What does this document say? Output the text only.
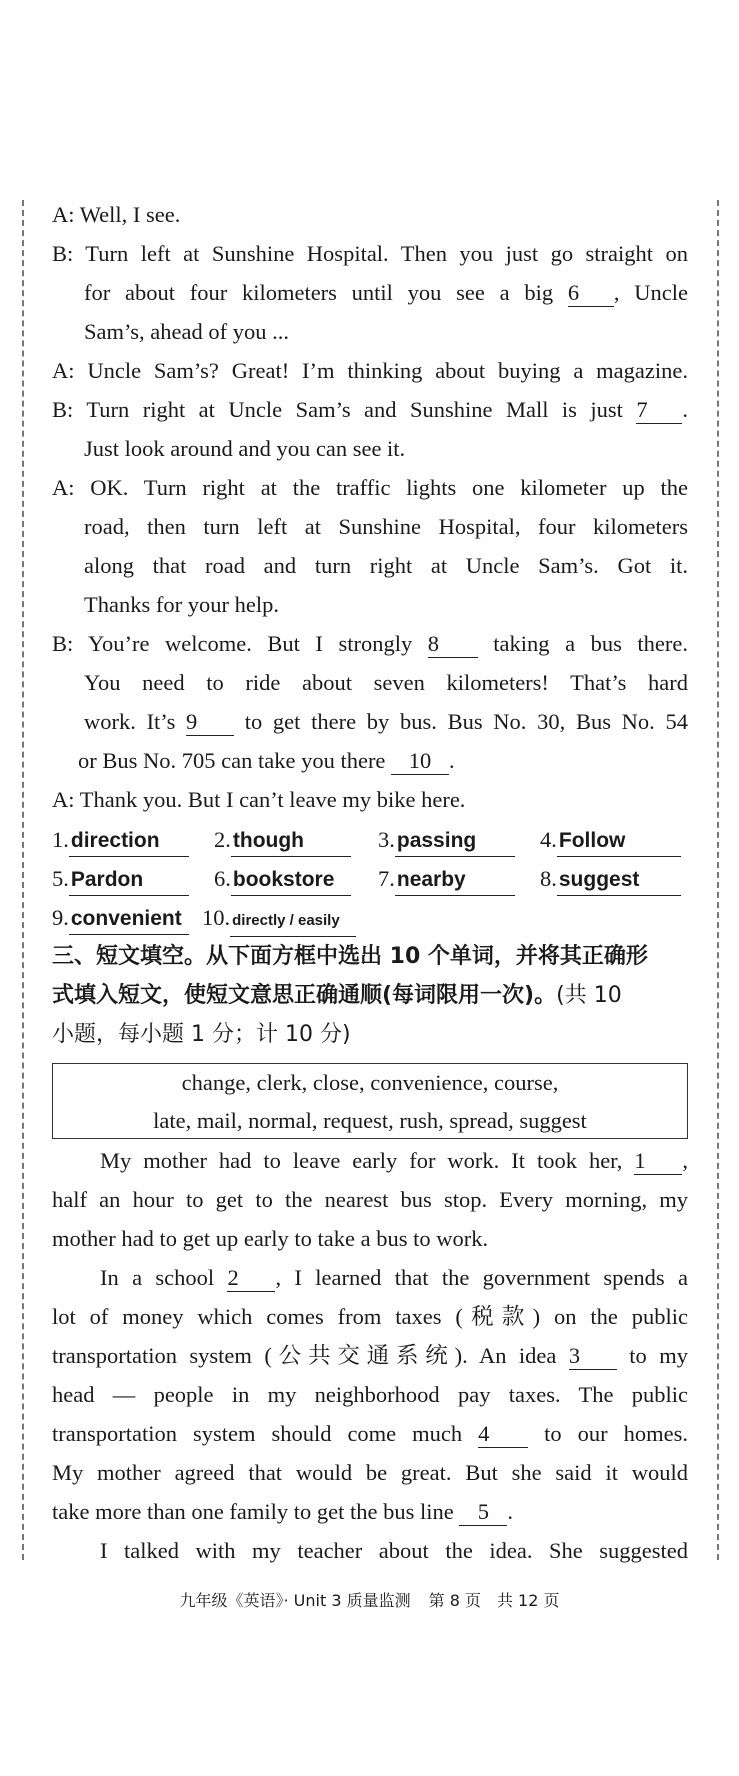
A: Well, I see.
B: Turn left at Sunshine Hospital. Then you just go straight on
for about four kilometers until you see a big 6 , Uncle
Sam’s, ahead of you ...
A: Uncle Sam’s? Great! I’m thinking about buying a magazine.
B: Turn right at Uncle Sam’s and Sunshine Mall is just 7 .
Just look around and you can see it.
A: OK. Turn right at the traffic lights one kilometer up the
road, then turn left at Sunshine Hospital, four kilometers
along that road and turn right at Uncle Sam’s. Got it.
Thanks for your help.
B: You’re welcome. But I strongly 8 taking a bus there.
You need to ride about seven kilometers! That’s hard
work. It’s 9 to get there by bus. Bus No. 30, Bus No. 54
or Bus No. 705 can take you there 10 .
A: Thank you. But I can’t leave my bike here.
1.direction	2.though	3.passing	4.Follow
5.Pardon	6.bookstore	7.nearby	8.suggest
9.convenient 10. directly / easily
三、短文填空。从下面方框中选出 10 个单词，并将其正确形
式填入短文，使短文意思正确通顺(每词限用一次)。(共 10
小题，每小题 1 分；计 10 分)
change, clerk, close, convenience, course,
late, mail, normal, request, rush, spread, suggest
My mother had to leave early for work. It took her, 1 ,
half an hour to get to the nearest bus stop. Every morning, my
mother had to get up early to take a bus to work.
In a school 2 , I learned that the government spends a
lot of money which comes from taxes (税款) on the public
transportation system (公共交通系统). An idea 3 to my
head — people in my neighborhood pay taxes. The public
transportation system should come much 4 to our homes.
My mother agreed that would be great. But she said it would
take more than one family to get the bus line 5 .
I talked with my teacher about the idea. She suggested
九年级《英语》· Unit 3 质量监测 第 8 页　共 12 页
